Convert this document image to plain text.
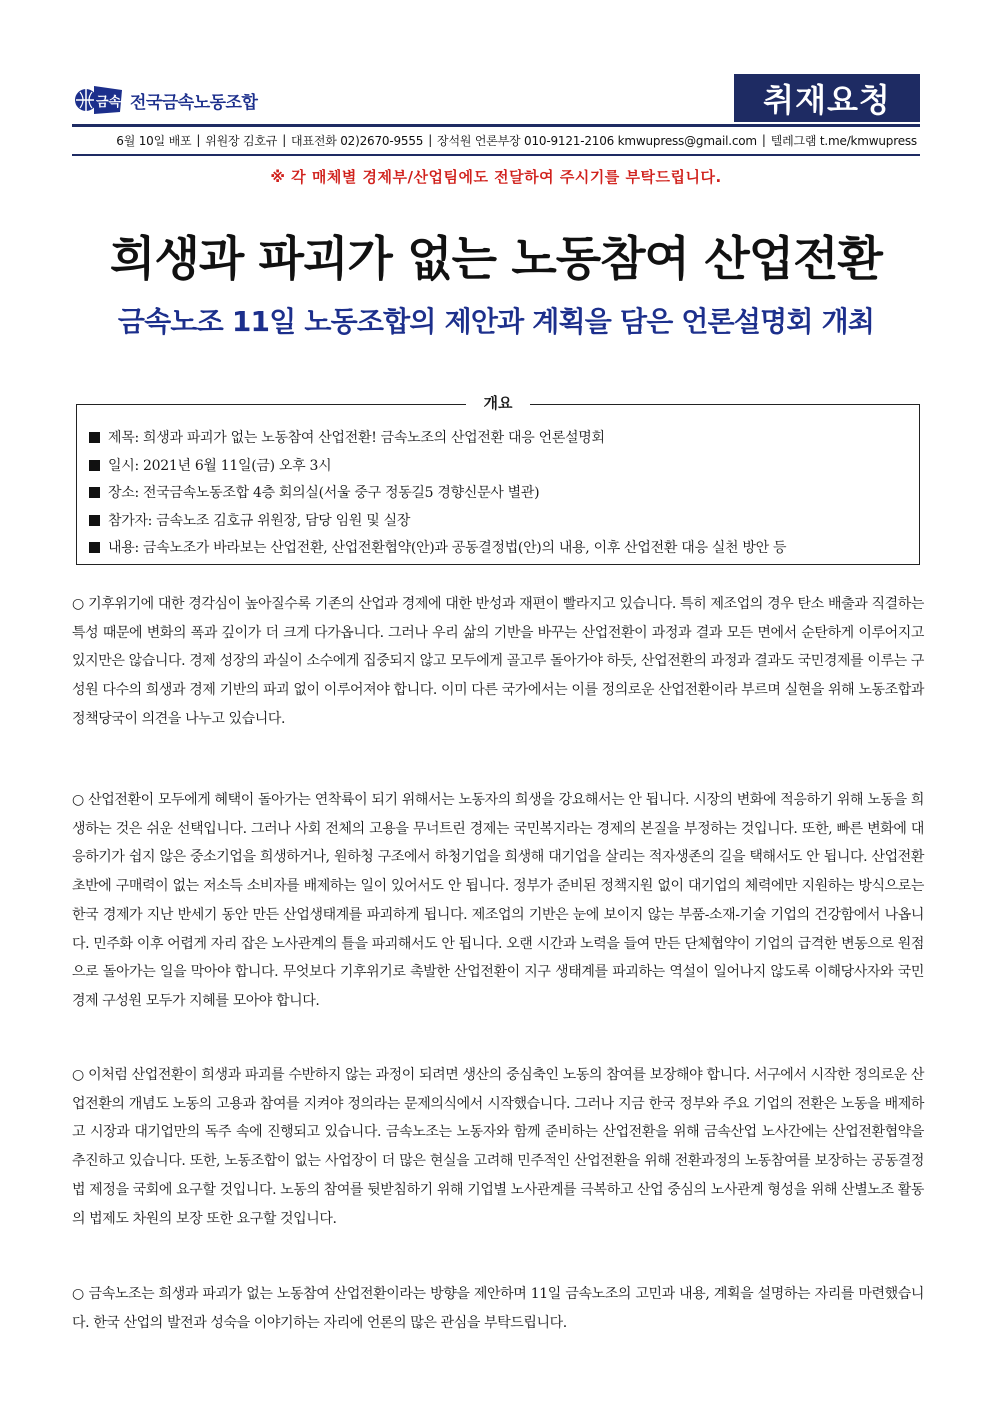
금속 전국금속노동조합	취재요청
6월 10일 배포 | 위원장 김호규 | 대표전화 02)2670-9555 | 장석원 언론부장 010-9121-2106 kmwupress@gmail.com | 텔레그램 t.me/kmwupress
※ 각 매체별 경제부/산업팀에도 전달하여 주시기를 부탁드립니다.
희생과 파괴가 없는 노동참여 산업전환
금속노조 11일 노동조합의 제안과 계획을 담은 언론설명회 개최
개요
제목: 희생과 파괴가 없는 노동참여 산업전환! 금속노조의 산업전환 대응 언론설명회
일시: 2021년 6월 11일(금) 오후 3시
장소: 전국금속노동조합 4층 회의실(서울 중구 정동길5 경향신문사 별관)
참가자: 금속노조 김호규 위원장, 담당 임원 및 실장
내용: 금속노조가 바라보는 산업전환, 산업전환협약(안)과 공동결정법(안)의 내용, 이후 산업전환 대응 실천 방안 등

○ 기후위기에 대한 경각심이 높아질수록 기존의 산업과 경제에 대한 반성과 재편이 빨라지고 있습니다. 특히 제조업의 경우 탄소 배출과 직결하는 특성 때문에 변화의 폭과 깊이가 더 크게 다가옵니다. 그러나 우리 삶의 기반을 바꾸는 산업전환이 과정과 결과 모든 면에서 순탄하게 이루어지고 있지만은 않습니다. 경제 성장의 과실이 소수에게 집중되지 않고 모두에게 골고루 돌아가야 하듯, 산업전환의 과정과 결과도 국민경제를 이루는 구성원 다수의 희생과 경제 기반의 파괴 없이 이루어져야 합니다. 이미 다른 국가에서는 이를 정의로운 산업전환이라 부르며 실현을 위해 노동조합과 정책당국이 의견을 나누고 있습니다.

○ 산업전환이 모두에게 혜택이 돌아가는 연착륙이 되기 위해서는 노동자의 희생을 강요해서는 안 됩니다. 시장의 변화에 적응하기 위해 노동을 희생하는 것은 쉬운 선택입니다. 그러나 사회 전체의 고용을 무너트린 경제는 국민복지라는 경제의 본질을 부정하는 것입니다. 또한, 빠른 변화에 대응하기가 쉽지 않은 중소기업을 희생하거나, 원하청 구조에서 하청기업을 희생해 대기업을 살리는 적자생존의 길을 택해서도 안 됩니다. 산업전환 초반에 구매력이 없는 저소득 소비자를 배제하는 일이 있어서도 안 됩니다. 정부가 준비된 정책지원 없이 대기업의 체력에만 지원하는 방식으로는 한국 경제가 지난 반세기 동안 만든 산업생태계를 파괴하게 됩니다. 제조업의 기반은 눈에 보이지 않는 부품-소재-기술 기업의 건강함에서 나옵니다. 민주화 이후 어렵게 자리 잡은 노사관계의 틀을 파괴해서도 안 됩니다. 오랜 시간과 노력을 들여 만든 단체협약이 기업의 급격한 변동으로 원점으로 돌아가는 일을 막아야 합니다. 무엇보다 기후위기로 촉발한 산업전환이 지구 생태계를 파괴하는 역설이 일어나지 않도록 이해당사자와 국민경제 구성원 모두가 지혜를 모아야 합니다.

○ 이처럼 산업전환이 희생과 파괴를 수반하지 않는 과정이 되려면 생산의 중심축인 노동의 참여를 보장해야 합니다. 서구에서 시작한 정의로운 산업전환의 개념도 노동의 고용과 참여를 지켜야 정의라는 문제의식에서 시작했습니다. 그러나 지금 한국 정부와 주요 기업의 전환은 노동을 배제하고 시장과 대기업만의 독주 속에 진행되고 있습니다. 금속노조는 노동자와 함께 준비하는 산업전환을 위해 금속산업 노사간에는 산업전환협약을 추진하고 있습니다. 또한, 노동조합이 없는 사업장이 더 많은 현실을 고려해 민주적인 산업전환을 위해 전환과정의 노동참여를 보장하는 공동결정법 제정을 국회에 요구할 것입니다. 노동의 참여를 뒷받침하기 위해 기업별 노사관계를 극복하고 산업 중심의 노사관계 형성을 위해 산별노조 활동의 법제도 차원의 보장 또한 요구할 것입니다.

○ 금속노조는 희생과 파괴가 없는 노동참여 산업전환이라는 방향을 제안하며 11일 금속노조의 고민과 내용, 계획을 설명하는 자리를 마련했습니다. 한국 산업의 발전과 성숙을 이야기하는 자리에 언론의 많은 관심을 부탁드립니다.
